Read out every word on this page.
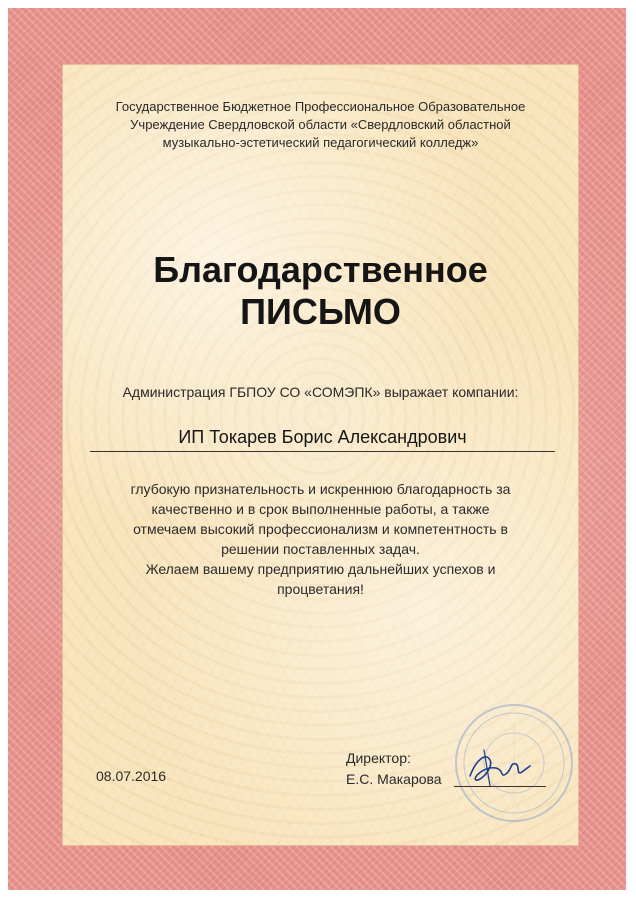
Государственное Бюджетное Профессиональное Образовательное
Учреждение Свердловской области «Свердловский областной
музыкально-эстетический педагогический колледж»
Благодарственное
ПИСЬМО
Администрация ГБПОУ СО «СОМЭПК» выражает компании:
ИП Токарев Борис Александрович
глубокую признательность и искреннюю благодарность за
качественно и в срок выполненные работы, а также
отмечаем высокий профессионализм и компетентность в
решении поставленных задач.
Желаем вашему предприятию дальнейших успехов и
процветания!
08.07.2016
Директор:
Е.С. Макарова
